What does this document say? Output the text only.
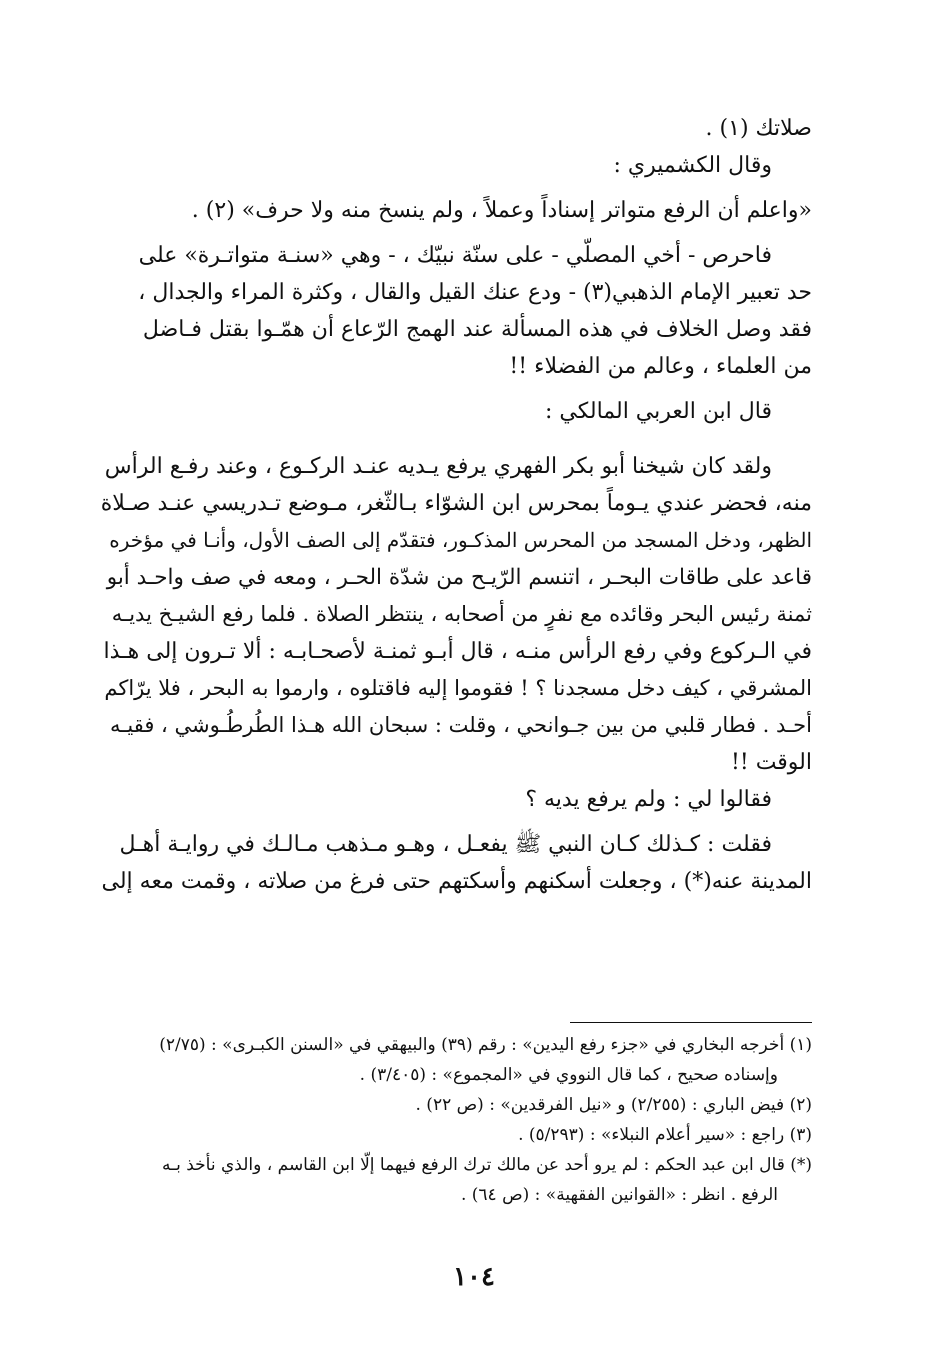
صلاتك (١) .
وقال الكشميري :
«واعلم أن الرفع متواتر إسناداً وعملاً ، ولم ينسخ منه ولا حرف» (٢) .
فاحرص - أخي المصلّي - على سنّة نبيّك ، - وهي «سنـة متواتـرة» على
حد تعبير الإمام الذهبي(٣) - ودع عنك القيل والقال ، وكثرة المراء والجدال ،
فقد وصل الخلاف في هذه المسألة عند الهمج الرّعاع أن همّـوا بقتل فـاضل
من العلماء ، وعالم من الفضلاء !!
قال ابن العربي المالكي :
ولقد كان شيخنا أبو بكر الفهري يرفع يـديه عنـد الركـوع ، وعند رفـع الرأس
منه، فحضر عندي يـوماً بمحرس ابن الشوّاء بـالثّغر، مـوضع تـدريسي عنـد صـلاة
الظهر، ودخل المسجد من المحرس المذكـور، فتقدّم إلى الصف الأول، وأنـا في مؤخره
قاعد على طاقات البحـر ، اتنسم الرّيـح من شدّة الحـر ، ومعه في صف واحـد أبو
ثمنة رئيس البحر وقائده مع نفرٍ من أصحابه ، ينتظر الصلاة . فلما رفع الشيـخ يديـه
في الـركوع وفي رفع الرأس منـه ، قال أبـو ثمنـة لأصحـابـه : ألا تـرون إلى هـذا
المشرقي ، كيف دخل مسجدنا ؟ ! فقوموا إليه فاقتلوه ، وارموا به البحر ، فلا يرّاكم
أحـد . فطار قلبي من بين جـوانحي ، وقلت : سبحان الله هـذا الطُرطُـوشي ، فقيـه
الوقت !!
فقالوا لي : ولم يرفع يديه ؟
فقلت : كـذلك كـان النبي ﷺ يفعـل ، وهـو مـذهب مـالـك في روايـة أهـل
المدينة عنه(*) ، وجعلت أسكنهم وأسكتهم حتى فرغ من صلاته ، وقمت معه إلى
(١) أخرجه البخاري في «جزء رفع اليدين» : رقم (٣٩) والبيهقي في «السنن الكبـرى» : (٢/٧٥)
وإسناده صحيح ، كما قال النووي في «المجموع» : (٣/٤٠٥) .
(٢) فيض الباري : (٢/٢٥٥) و «نيل الفرقدين» : (ص ٢٢) .
(٣) راجع : «سير أعلام النبلاء» : (٥/٢٩٣) .
(*) قال ابن عبد الحكم : لم يرو أحد عن مالك ترك الرفع فيهما إلّا ابن القاسم ، والذي نأخذ بـه
الرفع . انظر : «القوانين الفقهية» : (ص ٦٤) .
١٠٤
